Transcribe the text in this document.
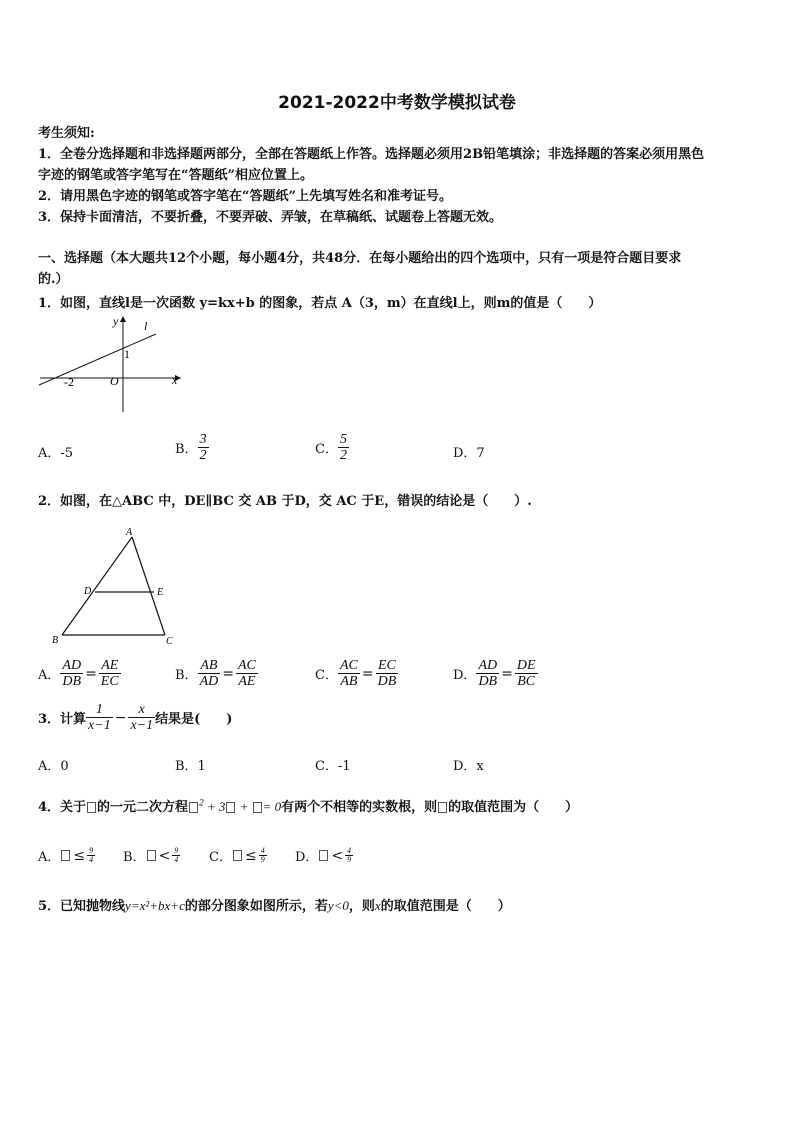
2021-2022中考数学模拟试卷
考生须知:
1．全卷分选择题和非选择题两部分，全部在答题纸上作答。选择题必须用2B铅笔填涂；非选择题的答案必须用黑色
字迹的钢笔或答字笔写在“答题纸”相应位置上。
2．请用黑色字迹的钢笔或答字笔在“答题纸”上先填写姓名和准考证号。
3．保持卡面清洁，不要折叠，不要弄破、弄皱，在草稿纸、试题卷上答题无效。
一、选择题（本大题共12个小题，每小题4分，共48分．在每小题给出的四个选项中，只有一项是符合题目要求
的.）
1．如图，直线l是一次函数 y=kx+b 的图象，若点 A（3，m）在直线l上，则m的值是（　　）
y l
1
-2	O	x
A．-5	B． $\frac{3}{2}$	C． $\frac{5}{2}$	D．7
2．如图，在△ABC 中，DE∥BC 交 AB 于D，交 AC 于E，错误的结论是（　　）.
A
B	C
D	E
A． $\frac{AD}{DB} = \frac{AE}{EC}$	B． $\frac{AB}{AD} = \frac{AC}{AE}$	C． $\frac{AC}{AB} = \frac{EC}{DB}$	D． $\frac{AD}{DB} = \frac{DE}{BC}$
3．计算 $\frac{1}{x-1} - \frac{x}{x-1}$ 结果是(　　)
A．0	B．1	C．-1	D．x
4．关于 的一元二次方程 $^2$ + 3 + = 0有两个不相等的实数根，则 的取值范围为（　　）
A． ≤ $\frac{9}{4}$ B． < $\frac{9}{4}$ C． ≤ $\frac{4}{9}$ D． < $\frac{4}{9}$
5．已知抛物线y=x²+bx+c的部分图象如图所示，若y<0，则x的取值范围是（　　）
